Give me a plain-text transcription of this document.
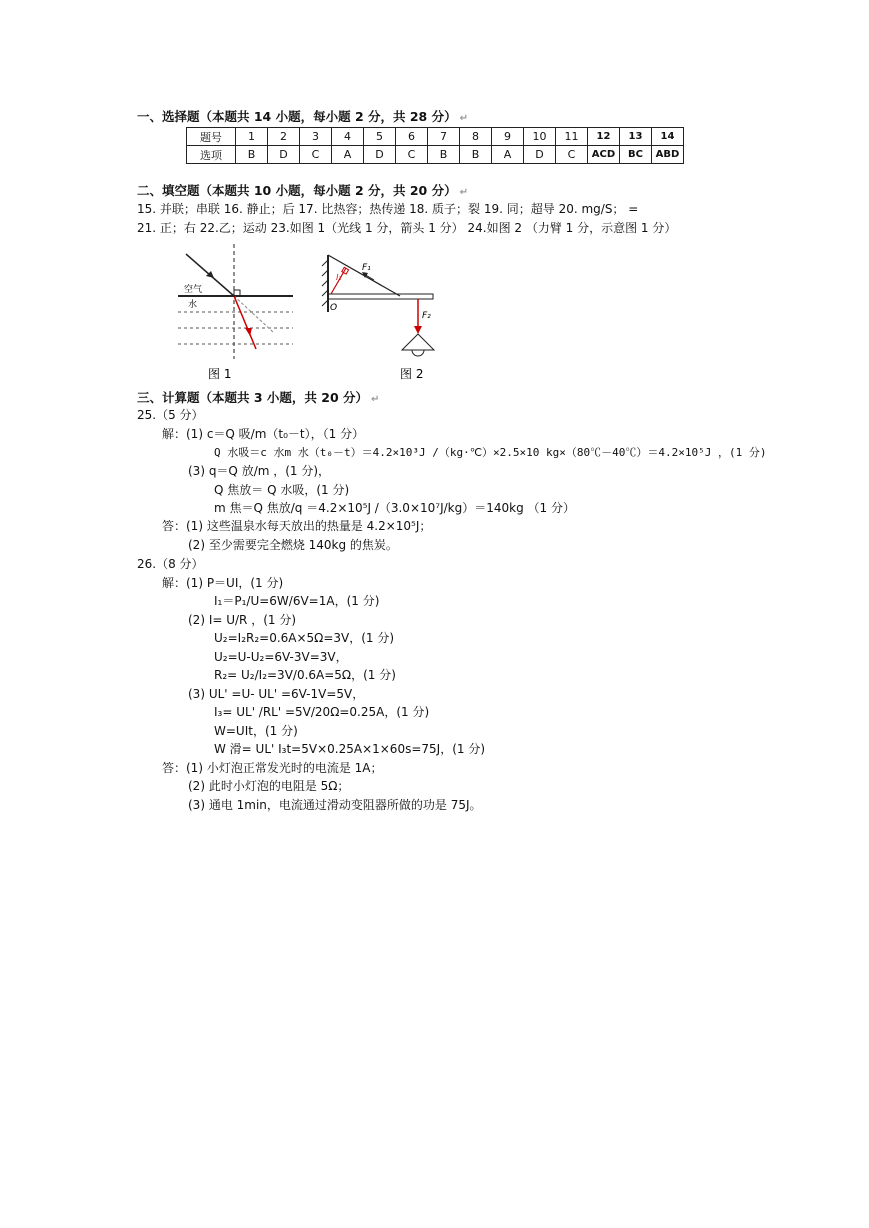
一、选择题（本题共 14 小题，每小题 2 分，共 28 分） ↵
题号	1	2	3	4	5	6	7	8	9	10	11	12	13	14
选项	B	D	C	A	D	C	B	B	A	D	C	ACD	BC	ABD
二、填空题（本题共 10 小题，每小题 2 分，共 20 分） ↵
15. 并联；串联 16. 静止；后 17. 比热容；热传递 18. 质子；裂 19. 同；超导 20. mg/S； =
21. 正；右 22.乙；运动 23.如图 1（光线 1 分，箭头 1 分） 24.如图 2 （力臂 1 分，示意图 1 分）
空气
水
图 1
O
F₁
F₂
l₁
图 2
三、计算题（本题共 3 小题，共 20 分） ↵
25.（5 分）
解：(1) c＝Q 吸/m（t₀－t），（1 分）
Q 水吸＝c 水m 水（t₀－t）＝4.2×10³J /（kg·℃）×2.5×10 kg×（80℃－40℃）＝4.2×10⁵J ，(1 分)
(3) q＝Q 放/m ，(1 分)，
Q 焦放＝ Q 水吸，(1 分)
m 焦＝Q 焦放/q ＝4.2×10⁵J /（3.0×10⁷J/kg）＝140kg （1 分）
答：(1) 这些温泉水每天放出的热量是 4.2×10⁵J；
(2) 至少需要完全燃烧 140kg 的焦炭。
26.（8 分）
解：(1) P＝UI，(1 分)
I₁＝P₁/U=6W/6V=1A，(1 分)
(2) I= U/R ，(1 分)
U₂=I₂R₂=0.6A×5Ω=3V，(1 分)
U₂=U-U₂=6V-3V=3V，
R₂= U₂/I₂=3V/0.6A=5Ω，(1 分)
(3) UL' =U- UL' =6V-1V=5V，
I₃= UL' /RL' =5V/20Ω=0.25A，(1 分)
W=UIt，(1 分)
W 滑= UL' I₃t=5V×0.25A×1×60s=75J，(1 分)
答：(1) 小灯泡正常发光时的电流是 1A；
(2) 此时小灯泡的电阻是 5Ω；
(3) 通电 1min，电流通过滑动变阻器所做的功是 75J。
